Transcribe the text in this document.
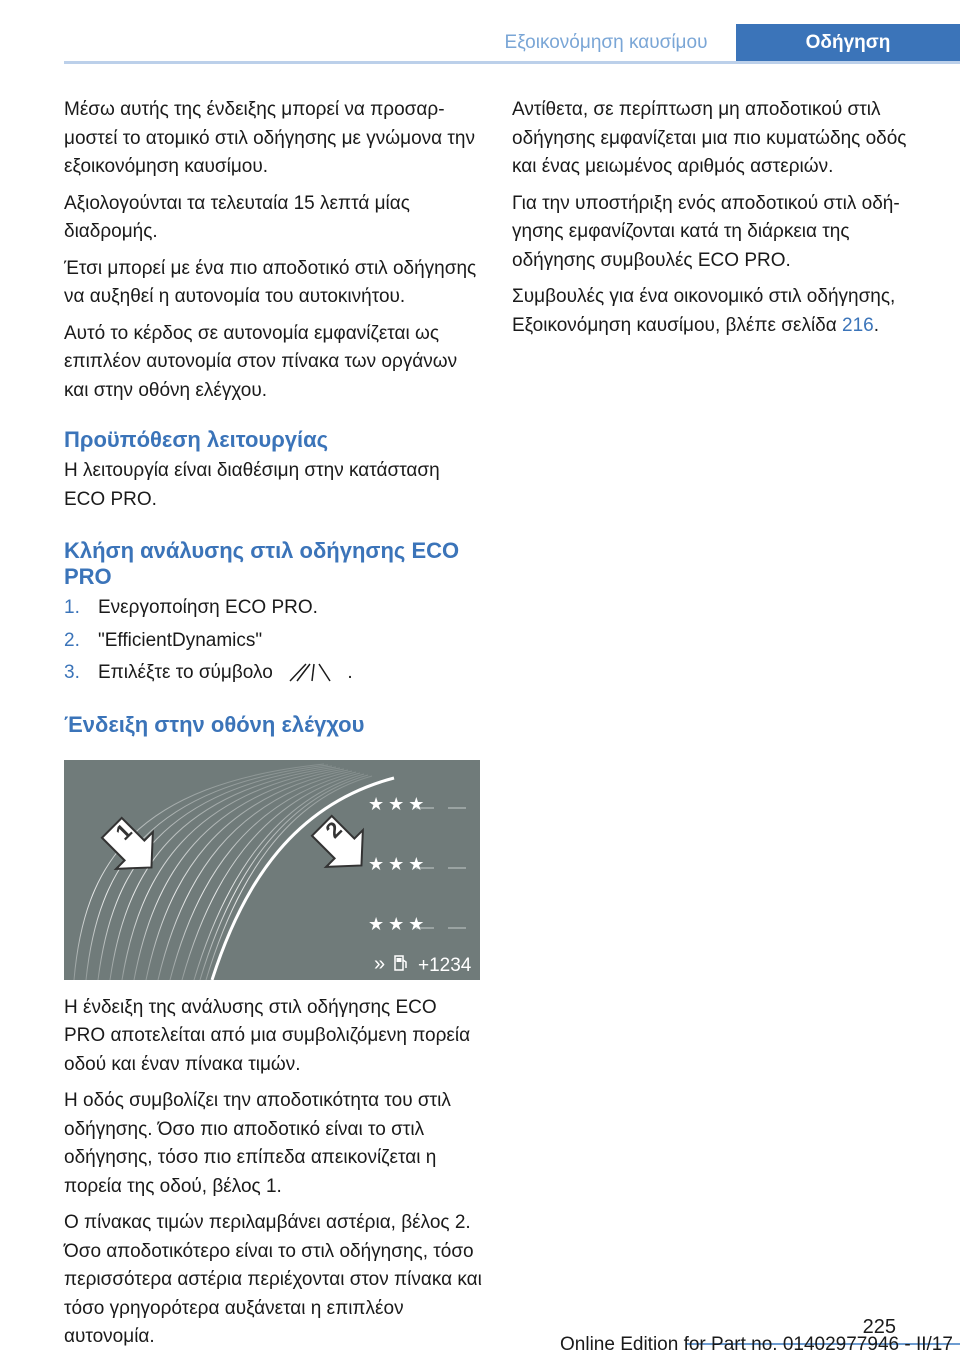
Εξοικονόμηση καυσίμου	Οδήγηση

Μέσω αυτής της ένδειξης μπορεί να προσαρμοστεί το ατομικό στιλ οδήγησης με γνώμονα την εξοικονόμηση καυσίμου.

Αξιολογούνται τα τελευταία 15 λεπτά μίας διαδρομής.

Έτσι μπορεί με ένα πιο αποδοτικό στιλ οδήγησης να αυξηθεί η αυτονομία του αυτοκινήτου.

Αυτό το κέρδος σε αυτονομία εμφανίζεται ως επιπλέον αυτονομία στον πίνακα των οργάνων και στην οθόνη ελέγχου.

Προϋπόθεση λειτουργίας

Η λειτουργία είναι διαθέσιμη στην κατάσταση ECO PRO.

Κλήση ανάλυσης στιλ οδήγησης ECO PRO
1. Ενεργοποίηση ECO PRO.
2. "EfficientDynamics"
3. Επιλέξτε το σύμβολο	.
Ένδειξη στην οθόνη ελέγχου
1	2
★★★
★★★
★★★
» +1234

Η ένδειξη της ανάλυσης στιλ οδήγησης ECO PRO αποτελείται από μια συμβολιζόμενη πορεία οδού και έναν πίνακα τιμών.

Η οδός συμβολίζει την αποδοτικότητα του στιλ οδήγησης. Όσο πιο αποδοτικό είναι το στιλ οδήγησης, τόσο πιο επίπεδα απεικονίζεται η πορεία της οδού, βέλος 1.

Ο πίνακας τιμών περιλαμβάνει αστέρια, βέλος 2. Όσο αποδοτικότερο είναι το στιλ οδήγησης, τόσο περισσότερα αστέρια περιέχονται στον πίνακα και τόσο γρηγορότερα αυξάνεται η επιπλέον αυτονομία.

Αντίθετα, σε περίπτωση μη αποδοτικού στιλ οδήγησης εμφανίζεται μια πιο κυματώδης οδός και ένας μειωμένος αριθμός αστεριών.

Για την υποστήριξη ενός αποδοτικού στιλ οδήγησης εμφανίζονται κατά τη διάρκεια της οδήγησης συμβουλές ECO PRO.

Συμβουλές για ένα οικονομικό στιλ οδήγησης, Εξοικονόμηση καυσίμου, βλέπε σελίδα 216.

225
Online Edition for Part no. 01402977946 - II/17
